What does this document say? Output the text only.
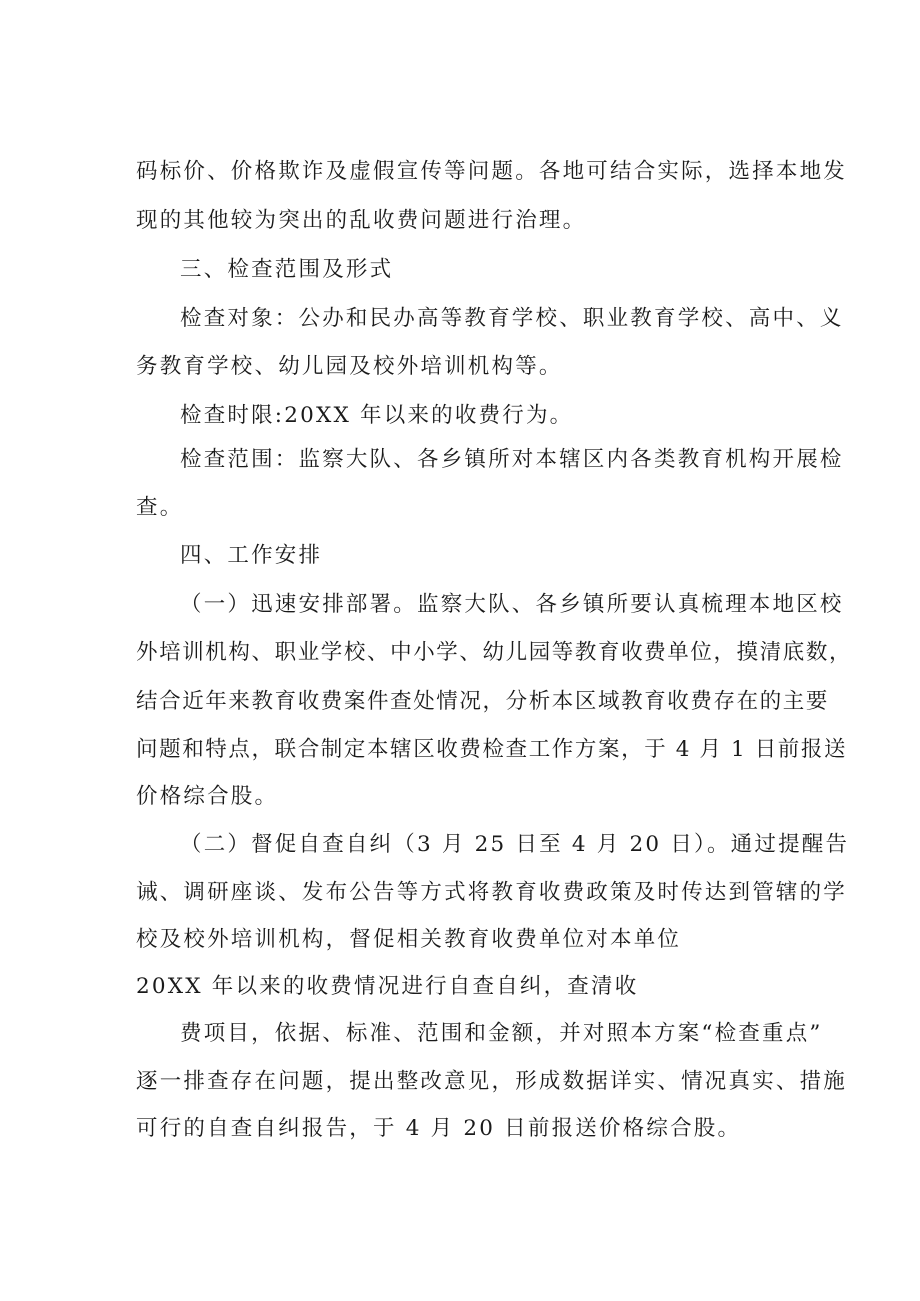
码标价、价格欺诈及虚假宣传等问题。各地可结合实际，选择本地发
现的其他较为突出的乱收费问题进行治理。
三、检查范围及形式
检查对象：公办和民办高等教育学校、职业教育学校、高中、义
务教育学校、幼儿园及校外培训机构等。
检查时限:20XX 年以来的收费行为。
检查范围：监察大队、各乡镇所对本辖区内各类教育机构开展检
查。
四、工作安排
（一）迅速安排部署。监察大队、各乡镇所要认真梳理本地区校
外培训机构、职业学校、中小学、幼儿园等教育收费单位，摸清底数，
结合近年来教育收费案件查处情况，分析本区域教育收费存在的主要
问题和特点，联合制定本辖区收费检查工作方案，于 4 月 1 日前报送
价格综合股。
（二）督促自查自纠（3 月 25 日至 4 月 20 日）。通过提醒告
诫、调研座谈、发布公告等方式将教育收费政策及时传达到管辖的学
校及校外培训机构，督促相关教育收费单位对本单位
20XX 年以来的收费情况进行自查自纠，查清收
费项目，依据、标准、范围和金额，并对照本方案“检查重点”
逐一排查存在问题，提出整改意见，形成数据详实、情况真实、措施
可行的自查自纠报告，于 4 月 20 日前报送价格综合股。
